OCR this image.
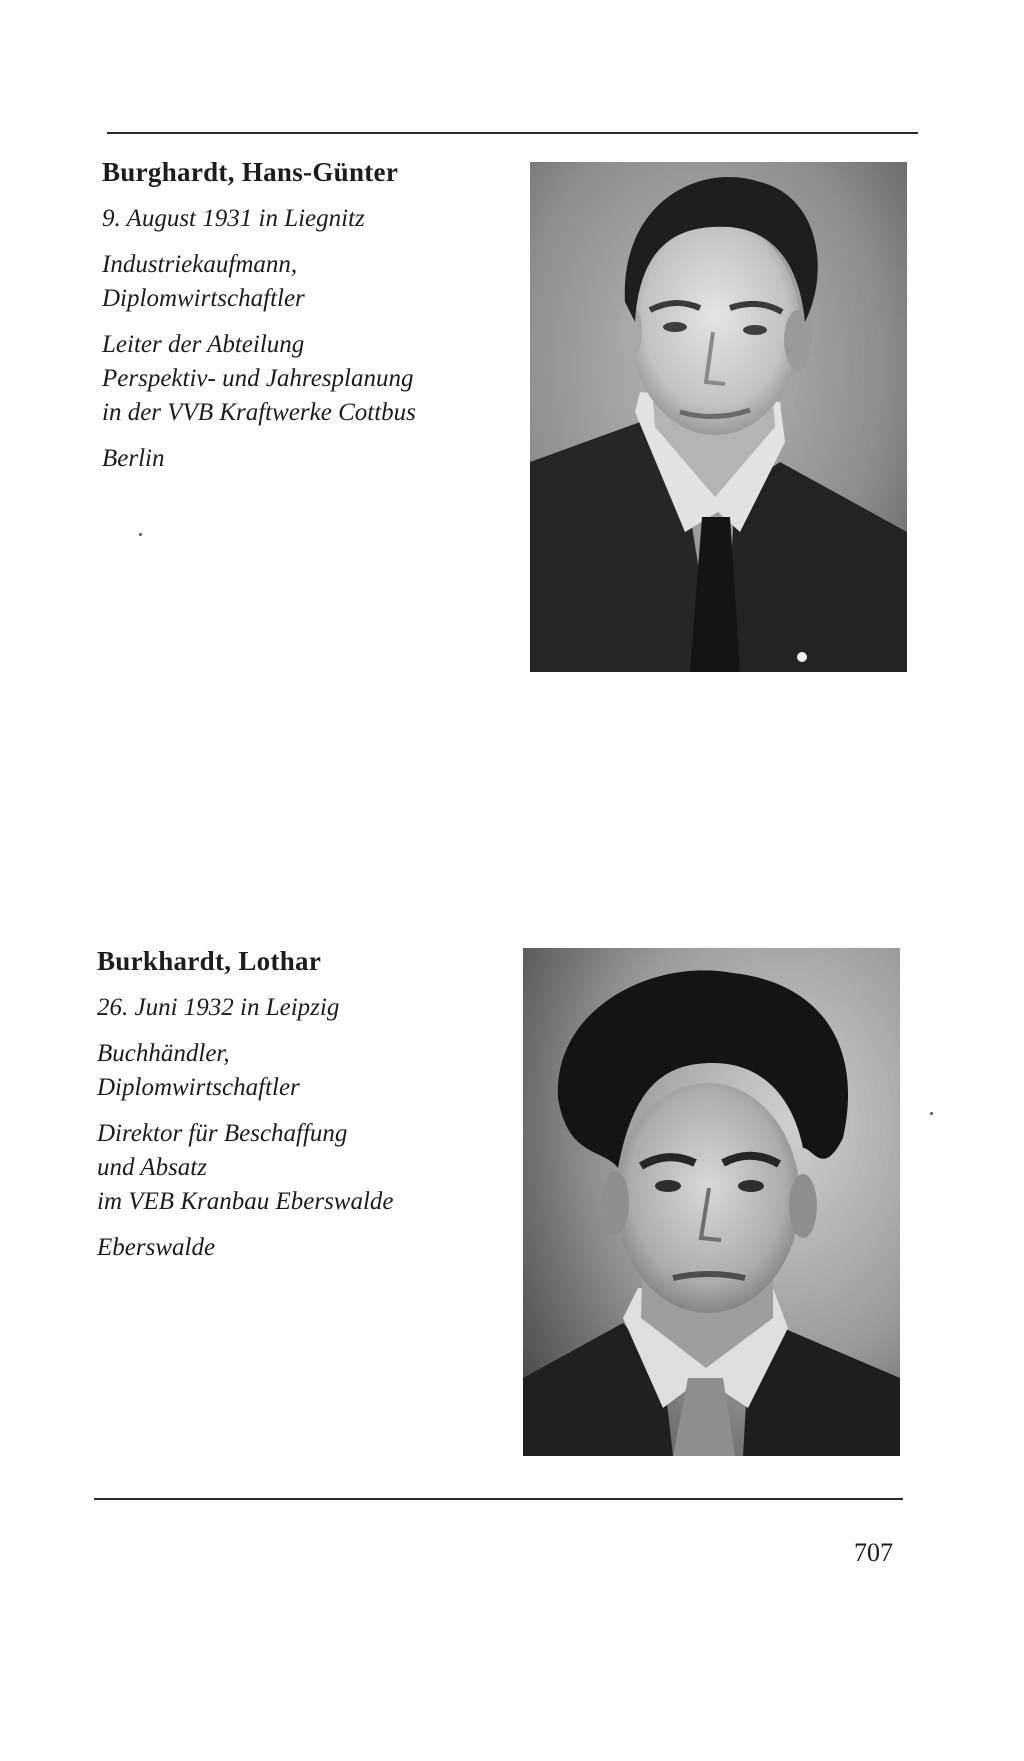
Burghardt, Hans-Günter
9. August 1931 in Liegnitz
Industriekaufmann,
Diplomwirtschaftler
Leiter der Abteilung
Perspektiv- und Jahresplanung
in der VVB Kraftwerke Cottbus
Berlin
Burkhardt, Lothar
26. Juni 1932 in Leipzig
Buchhändler,
Diplomwirtschaftler
Direktor für Beschaffung
und Absatz
im VEB Kranbau Eberswalde
Eberswalde
707
